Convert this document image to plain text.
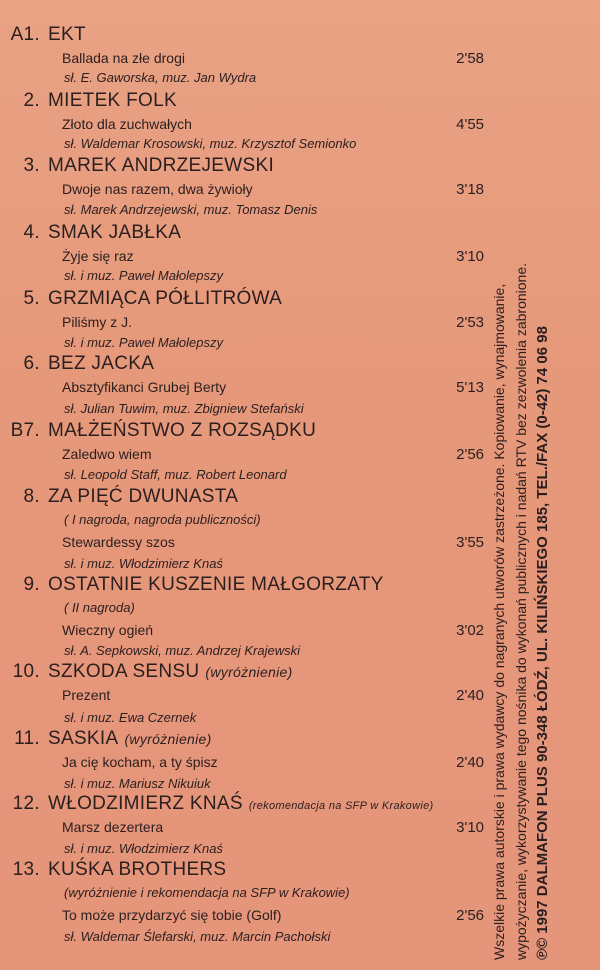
A1. EKT
Ballada na złe drogi	2'58
sł. E. Gaworska, muz. Jan Wydra
2. MIETEK FOLK
Złoto dla zuchwałych	4'55
sł. Waldemar Krosowski, muz. Krzysztof Semionko
3. MAREK ANDRZEJEWSKI
Dwoje nas razem, dwa żywioły	3'18
sł. Marek Andrzejewski, muz. Tomasz Denis
4. SMAK JABŁKA
Żyje się raz	3'10
sł. i muz. Paweł Małolepszy
5. GRZMIĄCA PÓŁLITRÓWA
Piliśmy z J.	2'53
sł. i muz. Paweł Małolepszy
6. BEZ JACKA
Absztyfikanci Grubej Berty	5'13
sł. Julian Tuwim, muz. Zbigniew Stefański
B7. MAŁŻEŃSTWO Z ROZSĄDKU
Zaledwo wiem	2'56
sł. Leopold Staff, muz. Robert Leonard
8. ZA PIĘĆ DWUNASTA
( I nagroda, nagroda publiczności)
Stewardessy szos	3'55
sł. i muz. Włodzimierz Knaś
9. OSTATNIE KUSZENIE MAŁGORZATY
( II nagroda)
Wieczny ogień	3'02
sł. A. Sepkowski, muz. Andrzej Krajewski
10. SZKODA SENSU (wyróżnienie)
Prezent	2'40
sł. i muz. Ewa Czernek
11. SASKIA (wyróżnienie)
Ja cię kocham, a ty śpisz	2'40
sł. i muz. Mariusz Nikuiuk
12. WŁODZIMIERZ KNAŚ (rekomendacja na SFP w Krakowie)
Marsz dezertera	3'10
sł. i muz. Włodzimierz Knaś
13. KUŚKA BROTHERS
(wyróżnienie i rekomendacja na SFP w Krakowie)
To może przydarzyć się tobie (Golf)	2'56
sł. Waldemar Ślefarski, muz. Marcin Pachołski	Wszelkie prawa autorskie i prawa wydawcy do nagranych utworów zastrzeżone. Kopiowanie, wynajmowanie, wypożyczanie, wykorzystywanie tego nośnika do wykonań publicznych i nadań RTV bez zezwolenia zabronione. ℗© 1997 DALMAFON PLUS 90-348 ŁÓDŹ, UL. KILIŃSKIEGO 185, TEL./FAX (0-42) 74 06 98
